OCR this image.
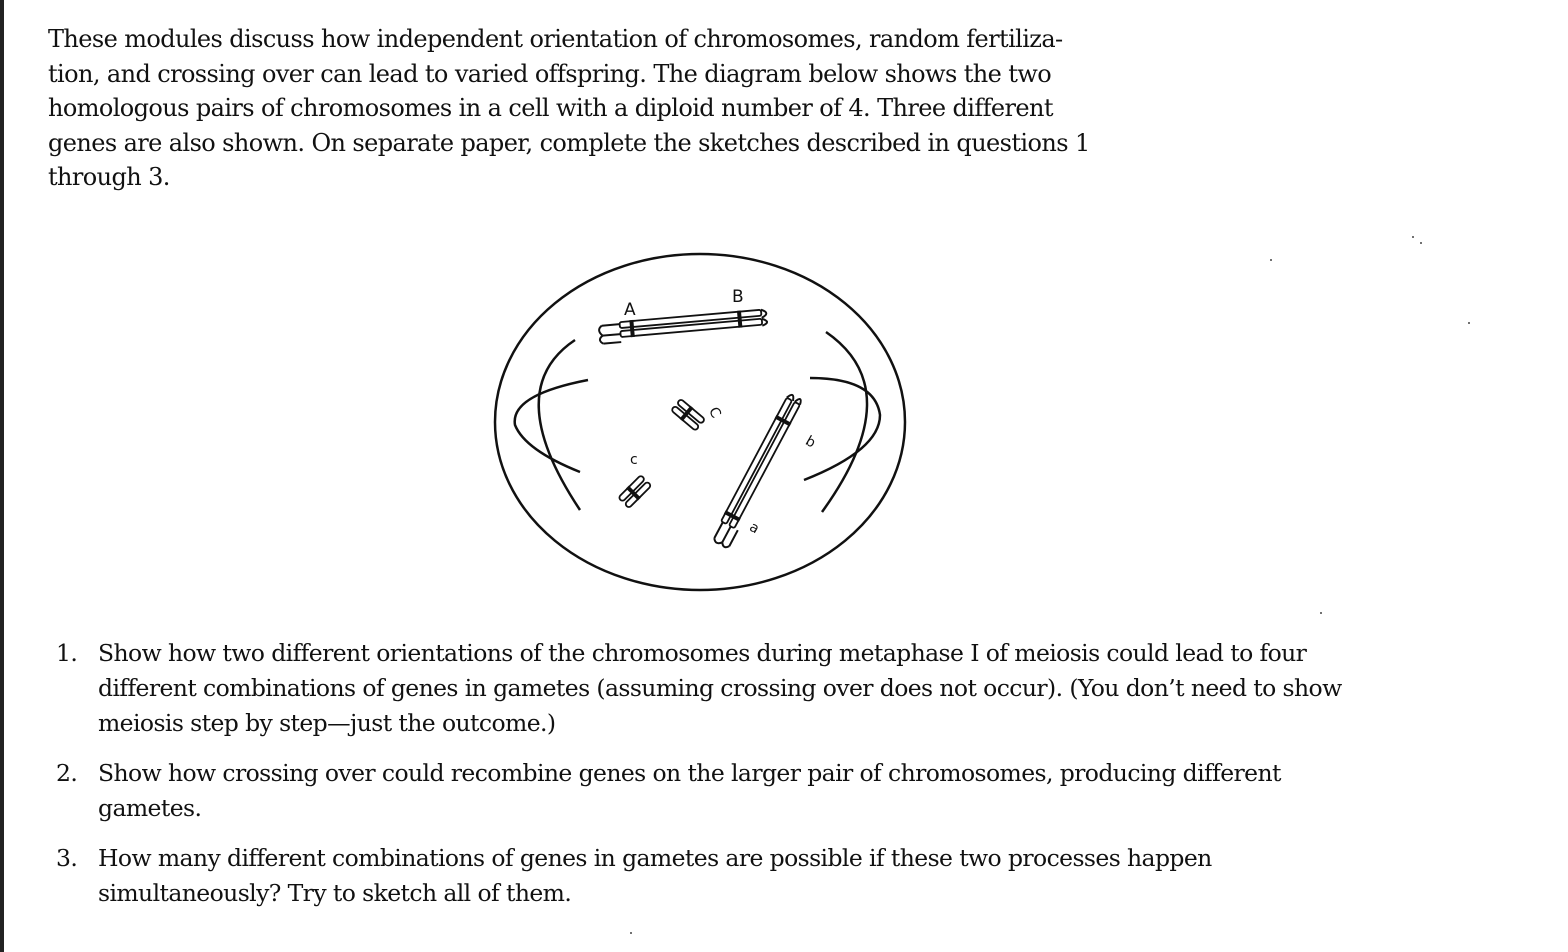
These modules discuss how independent orientation of chromosomes, random fertiliza-
tion, and crossing over can lead to varied offspring. The diagram below shows the two
homologous pairs of chromosomes in a cell with a diploid number of 4. Three different
genes are also shown. On separate paper, complete the sketches described in questions 1
through 3.

A
B
C
c
b
a
1. Show how two different orientations of the chromosomes during metaphase I of meiosis could lead to four different combinations of genes in gametes (assuming crossing over does not occur). (You don’t need to show meiosis step by step—just the outcome.)
2. Show how crossing over could recombine genes on the larger pair of chromosomes, producing different gametes.
3. How many different combinations of genes in gametes are possible if these two processes happen simultaneously? Try to sketch all of them.
